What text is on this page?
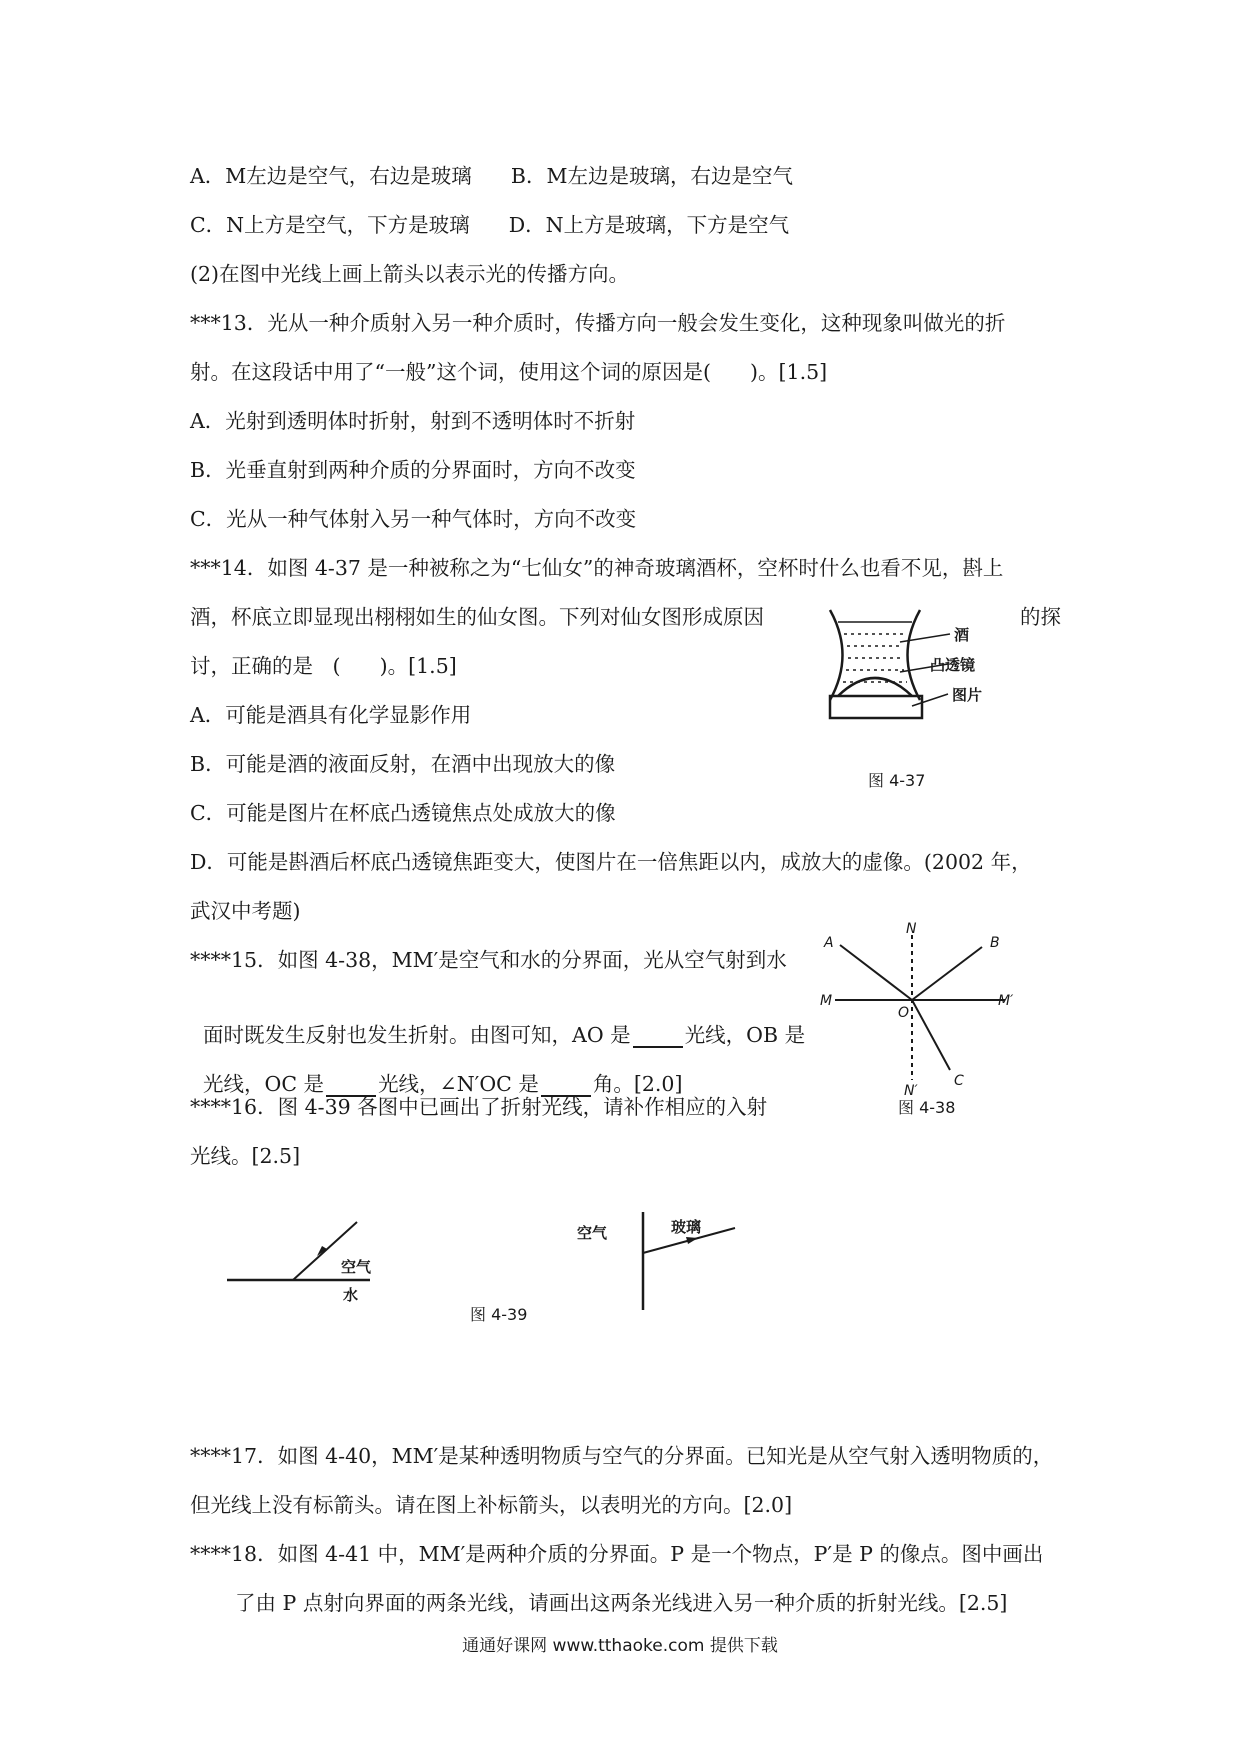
A．M左边是空气，右边是玻璃      B．M左边是玻璃，右边是空气
C．N上方是空气，下方是玻璃      D．N上方是玻璃，下方是空气
(2)在图中光线上画上箭头以表示光的传播方向。
***13．光从一种介质射入另一种介质时，传播方向一般会发生变化，这种现象叫做光的折
射。在这段话中用了“一般”这个词，使用这个词的原因是(      )。[1.5]
A．光射到透明体时折射，射到不透明体时不折射
B．光垂直射到两种介质的分界面时，方向不改变
C．光从一种气体射入另一种气体时，方向不改变
***14．如图 4-37 是一种被称之为“七仙女”的神奇玻璃酒杯，空杯时什么也看不见，斟上
酒，杯底立即显现出栩栩如生的仙女图。下列对仙女图形成原因	的探
讨，正确的是   (      )。[1.5]
A．可能是酒具有化学显影作用
B．可能是酒的液面反射，在酒中出现放大的像
C．可能是图片在杯底凸透镜焦点处成放大的像
D．可能是斟酒后杯底凸透镜焦距变大，使图片在一倍焦距以内，成放大的虚像。(2002 年，
武汉中考题)
****15．如图 4-38，MM′是空气和水的分界面，光从空气射到水

面时既发生反射也发生折射。由图可知，AO 是	光线，OB 是

光线，OC 是	光线，∠N′OC 是	角。[2.0]

****16．图 4-39 各图中已画出了折射光线，请补作相应的入射
光线。[2.5]
****17．如图 4-40，MM′是某种透明物质与空气的分界面。已知光是从空气射入透明物质的，
但光线上没有标箭头。请在图上补标箭头，以表明光的方向。[2.0]
****18．如图 4-41 中，MM′是两种介质的分界面。P 是一个物点，P′是 P 的像点。图中画出
了由 P 点射向界面的两条光线，请画出这两条光线进入另一种介质的折射光线。[2.5]
酒
凸透镜
图片
图 4-37
A	B
C
N
N′
M	M′
O
图 4-38
空气
水
图 4-39
空气	玻璃
通通好课网 www.tthaoke.com 提供下载
